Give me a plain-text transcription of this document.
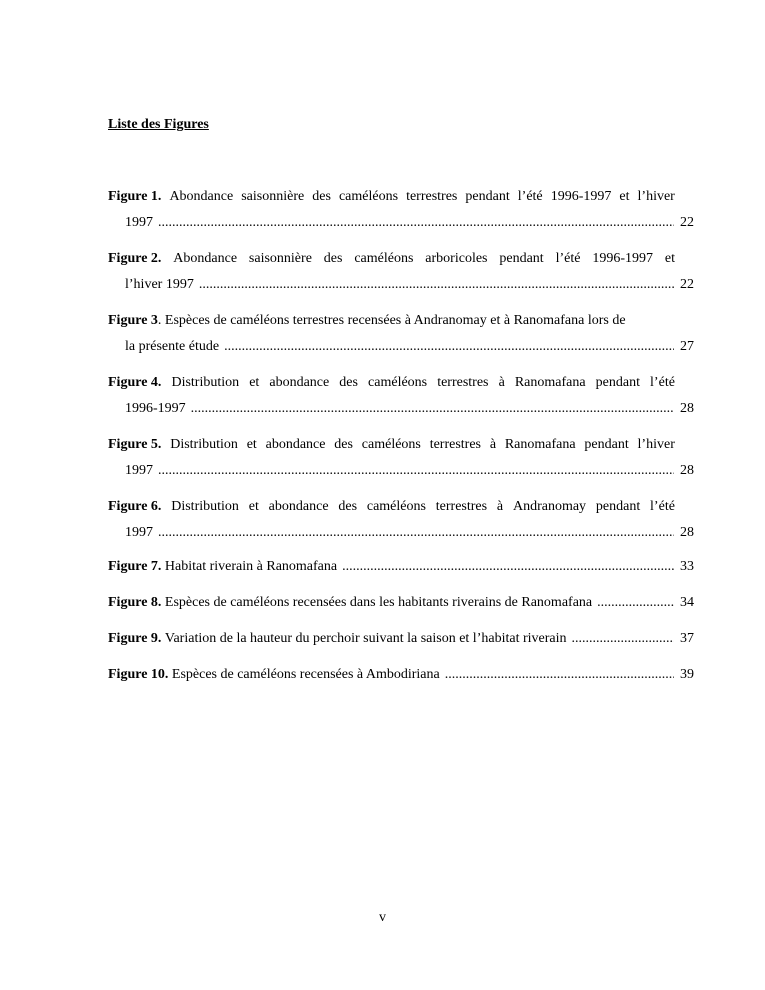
Liste des Figures
Figure 1. Abondance saisonnière des caméléons terrestres pendant l’été 1996-1997 et l’hiver
1997 .....	22
Figure 2. Abondance saisonnière des caméléons arboricoles pendant l’été 1996-1997 et
l’hiver 1997 .....	22
Figure 3 . Espèces de caméléons terrestres recensées à Andranomay et à Ranomafana lors de
la présente étude .....	27
Figure 4. Distribution et abondance des caméléons terrestres à Ranomafana pendant l’été
1996-1997 .....	28
Figure 5. Distribution et abondance des caméléons terrestres à Ranomafana pendant l’hiver
1997 .....	28
Figure 6. Distribution et abondance des caméléons terrestres à Andranomay pendant l’été
1997 .....	28
Figure 7.
Habitat riverain à Ranomafana .....	33
Figure 8.
Espèces de caméléons recensées dans les habitants riverains de Ranomafana .....	34
Figure 9.
Variation de la hauteur du perchoir suivant la saison et l’habitat riverain .....	37
Figure 10.
Espèces de caméléons recensées à Ambodiriana .....	39
v
